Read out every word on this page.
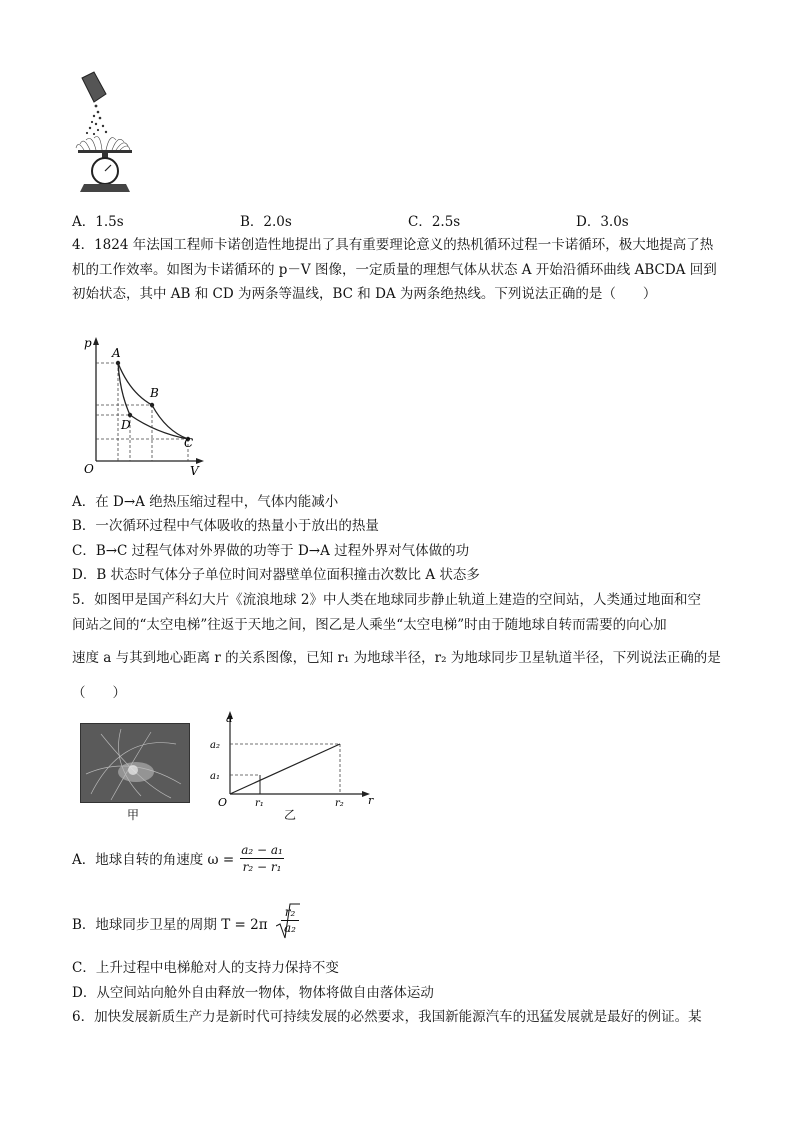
A．1.5s	B．2.0s	C．2.5s	D．3.0s
4．1824 年法国工程师卡诺创造性地提出了具有重要理论意义的热机循环过程一卡诺循环，极大地提高了热
机的工作效率。如图为卡诺循环的 p－V 图像，一定质量的理想气体从状态 A 开始沿循环曲线 ABCDA 回到
初始状态，其中 AB 和 CD 为两条等温线，BC 和 DA 为两条绝热线。下列说法正确的是（　　）
p
V
O
A
B
C
D
A．在 D→A 绝热压缩过程中，气体内能减小
B．一次循环过程中气体吸收的热量小于放出的热量
C．B→C 过程气体对外界做的功等于 D→A 过程外界对气体做的功
D．B 状态时气体分子单位时间对器壁单位面积撞击次数比 A 状态多
5．如图甲是国产科幻大片《流浪地球 2》中人类在地球同步静止轨道上建造的空间站，人类通过地面和空
间站之间的“太空电梯”往返于天地之间，图乙是人乘坐“太空电梯”时由于随地球自转而需要的向心加
速度 a 与其到地心距离 r 的关系图像，已知 r₁ 为地球半径，r₂ 为地球同步卫星轨道半径，下列说法正确的是
（　　）
甲
a
r
O
a₂
a₁
r₁	r₂
乙
A．地球自转的角速度 $\omega = \frac{\text{a₂ − a₁}}{\text{r₂ − r₁}}$
B．地球同步卫星的周期 $T = 2\pi \frac{\text{r₂}}{\text{a₂}}$
C．上升过程中电梯舱对人的支持力保持不变
D．从空间站向舱外自由释放一物体，物体将做自由落体运动
6．加快发展新质生产力是新时代可持续发展的必然要求，我国新能源汽车的迅猛发展就是最好的例证。某
